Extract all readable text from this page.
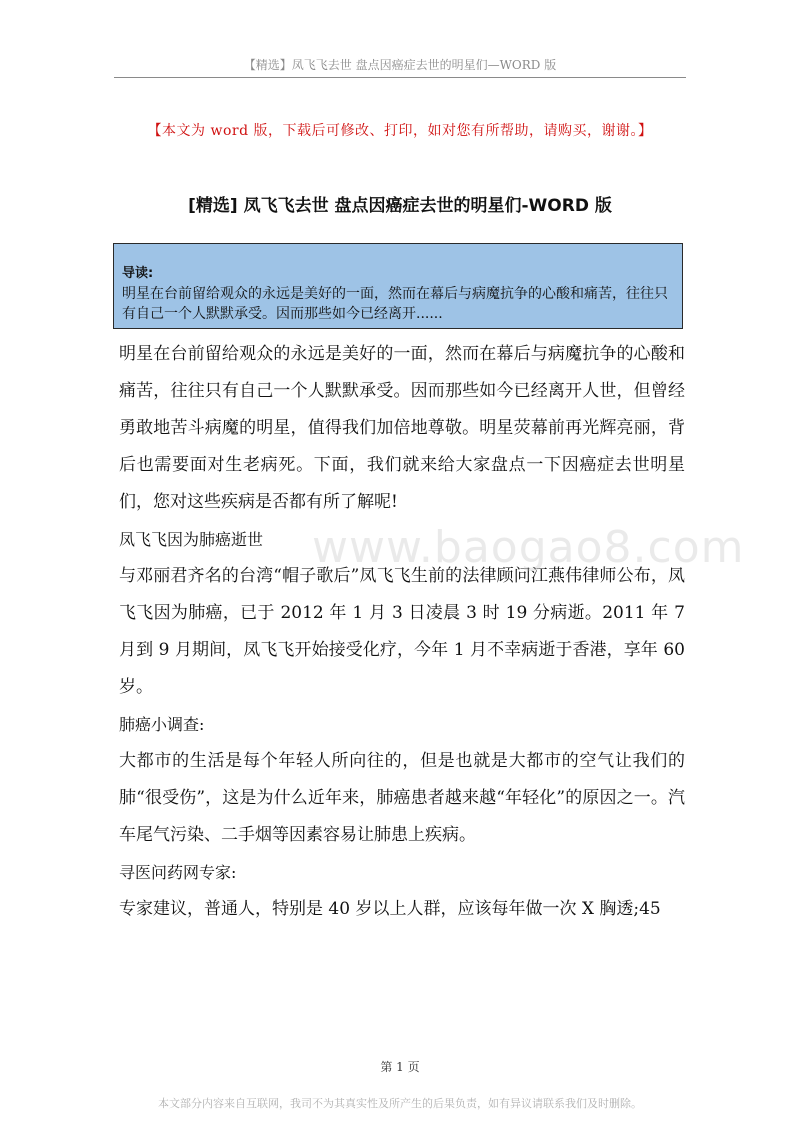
【精选】凤飞飞去世 盘点因癌症去世的明星们—WORD 版
【本文为 word 版，下载后可修改、打印，如对您有所帮助，请购买，谢谢。】
[精选] 凤飞飞去世 盘点因癌症去世的明星们-WORD 版
导读:
明星在台前留给观众的永远是美好的一面，然而在幕后与病魔抗争的心酸和痛苦，往往只有自己一个人默默承受。因而那些如今已经离开......

明星在台前留给观众的永远是美好的一面，然而在幕后与病魔抗争的心酸和痛苦，往往只有自己一个人默默承受。因而那些如今已经离开人世，但曾经勇敢地苦斗病魔的明星，值得我们加倍地尊敬。明星荧幕前再光辉亮丽，背后也需要面对生老病死。下面，我们就来给大家盘点一下因癌症去世明星们，您对这些疾病是否都有所了解呢!

凤飞飞因为肺癌逝世

与邓丽君齐名的台湾“帽子歌后”凤飞飞生前的法律顾问江燕伟律师公布，凤飞飞因为肺癌，已于 2012 年 1 月 3 日凌晨 3 时 19 分病逝。2011 年 7 月到 9 月期间，凤飞飞开始接受化疗，今年 1 月不幸病逝于香港，享年 60 岁。

肺癌小调查:

大都市的生活是每个年轻人所向往的，但是也就是大都市的空气让我们的肺“很受伤”，这是为什么近年来，肺癌患者越来越“年轻化”的原因之一。汽车尾气污染、二手烟等因素容易让肺患上疾病。

寻医问药网专家:

专家建议，普通人，特别是 40 岁以上人群，应该每年做一次 X 胸透;45

www.baogao8.com
第 1 页
本文部分内容来自互联网，我司不为其真实性及所产生的后果负责，如有异议请联系我们及时删除。
